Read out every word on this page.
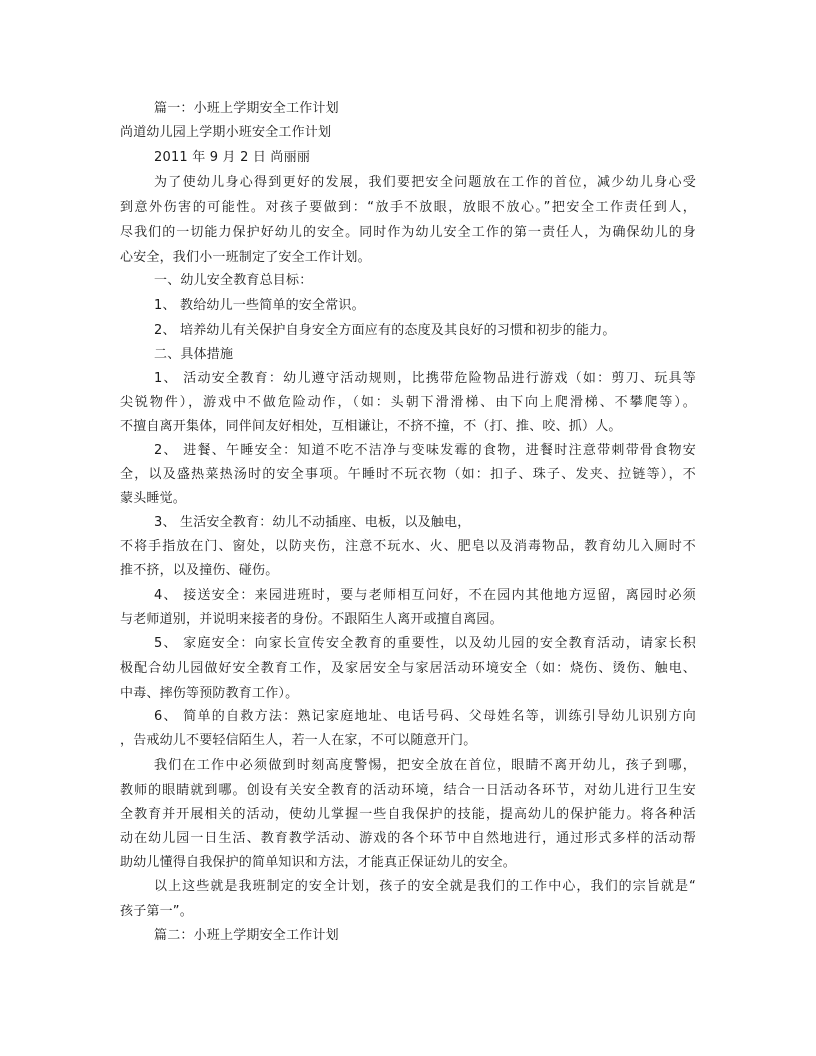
篇一：小班上学期安全工作计划
尚道幼儿园上学期小班安全工作计划
2011 年 9 月 2 日 尚丽丽
为了使幼儿身心得到更好的发展，我们要把安全问题放在工作的首位，减少幼儿身心受
到意外伤害的可能性。对孩子要做到：“放手不放眼，放眼不放心。”把安全工作责任到人，
尽我们的一切能力保护好幼儿的安全。同时作为幼儿安全工作的第一责任人，为确保幼儿的身
心安全，我们小一班制定了安全工作计划。
一、幼儿安全教育总目标：
1、 教给幼儿一些简单的安全常识。
2、 培养幼儿有关保护自身安全方面应有的态度及其良好的习惯和初步的能力。
二、具体措施
1、 活动安全教育：幼儿遵守活动规则，比携带危险物品进行游戏（如：剪刀、玩具等
尖锐物件），游戏中不做危险动作，（如：头朝下滑滑梯、由下向上爬滑梯、不攀爬等）。
不擅自离开集体，同伴间友好相处，互相谦让，不挤不撞，不（打、推、咬、抓）人。
2、 进餐、午睡安全：知道不吃不洁净与变味发霉的食物，进餐时注意带刺带骨食物安
全，以及盛热菜热汤时的安全事项。午睡时不玩衣物（如：扣子、珠子、发夹、拉链等），不
蒙头睡觉。
3、 生活安全教育：幼儿不动插座、电板，以及触电，
不将手指放在门、窗处，以防夹伤，注意不玩水、火、肥皂以及消毒物品，教育幼儿入厕时不
推不挤，以及撞伤、碰伤。
4、 接送安全：来园进班时，要与老师相互问好，不在园内其他地方逗留，离园时必须
与老师道别，并说明来接者的身份。不跟陌生人离开或擅自离园。
5、 家庭安全：向家长宣传安全教育的重要性，以及幼儿园的安全教育活动，请家长积
极配合幼儿园做好安全教育工作，及家居安全与家居活动环境安全（如：烧伤、烫伤、触电、
中毒、摔伤等预防教育工作）。
6、 简单的自救方法：熟记家庭地址、电话号码、父母姓名等，训练引导幼儿识别方向
，告戒幼儿不要轻信陌生人，若一人在家，不可以随意开门。
我们在工作中必须做到时刻高度警惕，把安全放在首位，眼睛不离开幼儿，孩子到哪，
教师的眼睛就到哪。创设有关安全教育的活动环境，结合一日活动各环节，对幼儿进行卫生安
全教育并开展相关的活动，使幼儿掌握一些自我保护的技能，提高幼儿的保护能力。将各种活
动在幼儿园一日生活、教育教学活动、游戏的各个环节中自然地进行，通过形式多样的活动帮
助幼儿懂得自我保护的简单知识和方法，才能真正保证幼儿的安全。
以上这些就是我班制定的安全计划，孩子的安全就是我们的工作中心，我们的宗旨就是“
孩子第一”。
篇二：小班上学期安全工作计划
